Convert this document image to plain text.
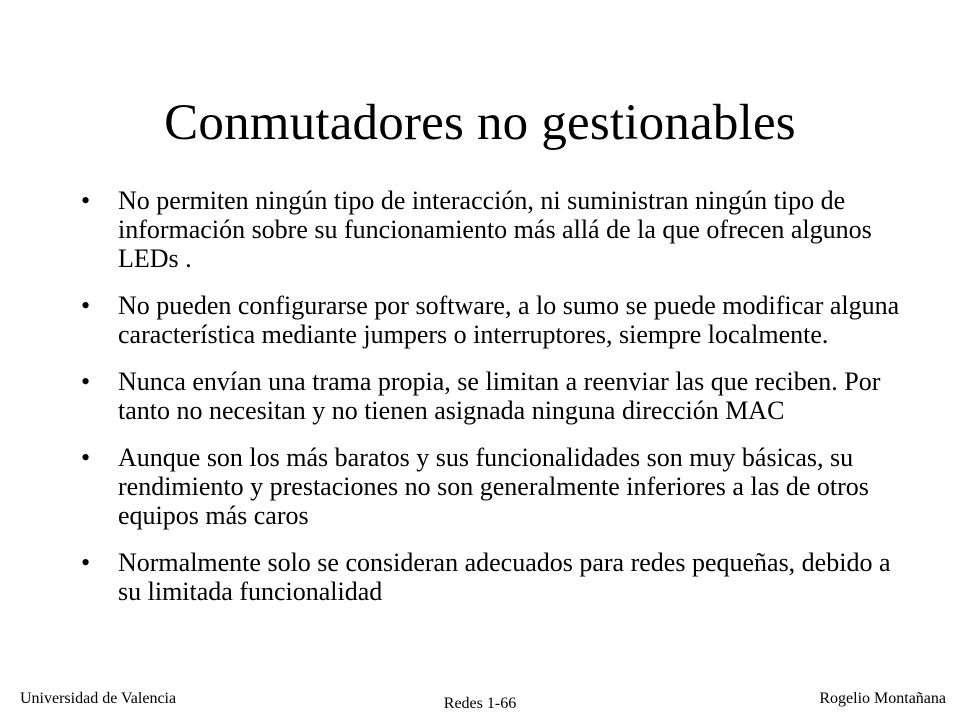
Conmutadores no gestionables
• No permiten ningún tipo de interacción, ni suministran ningún tipo de información sobre su funcionamiento más allá de la que ofrecen algunos LEDs .
• No pueden configurarse por software, a lo sumo se puede modificar alguna característica mediante jumpers o interruptores, siempre localmente.
• Nunca envían una trama propia, se limitan a reenviar las que reciben. Por tanto no necesitan y no tienen asignada ninguna dirección MAC
• Aunque son los más baratos y sus funcionalidades son muy básicas, su rendimiento y prestaciones no son generalmente inferiores a las de otros equipos más caros
• Normalmente solo se consideran adecuados para redes pequeñas, debido a su limitada funcionalidad
Universidad de Valencia	Redes 1-66	Rogelio Montañana
